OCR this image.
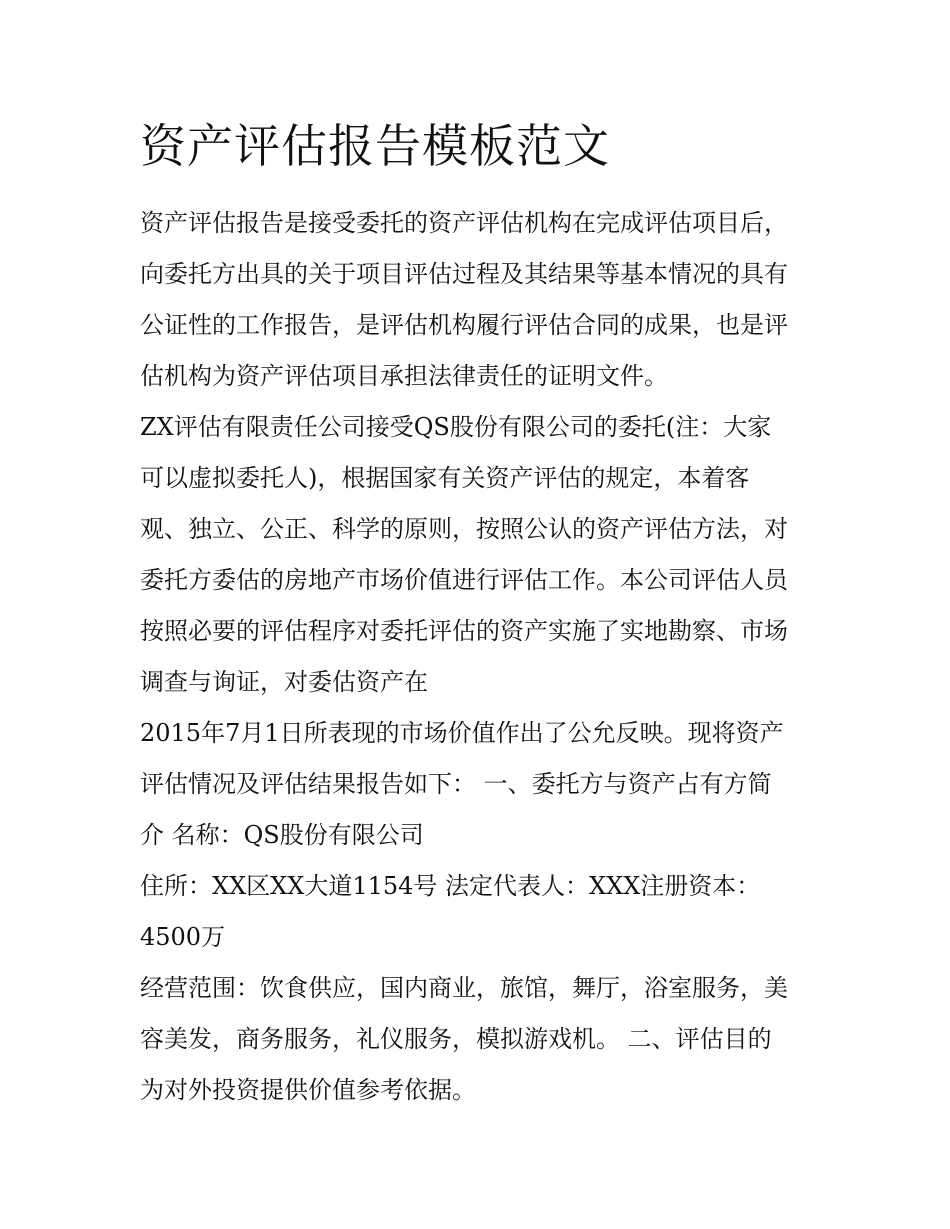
资产评估报告模板范文

资产评估报告是接受委托的资产评估机构在完成评估项目后，

向委托方出具的关于项目评估过程及其结果等基本情况的具有

公证性的工作报告，是评估机构履行评估合同的成果，也是评

估机构为资产评估项目承担法律责任的证明文件。

ZX评估有限责任公司接受QS股份有限公司的委托(注：大家

可以虚拟委托人)，根据国家有关资产评估的规定，本着客

观、独立、公正、科学的原则，按照公认的资产评估方法，对

委托方委估的房地产市场价值进行评估工作。本公司评估人员

按照必要的评估程序对委托评估的资产实施了实地勘察、市场

调查与询证，对委估资产在

2015年7月1日所表现的市场价值作出了公允反映。现将资产

评估情况及评估结果报告如下： 一、委托方与资产占有方简

介 名称：QS股份有限公司

住所：XX区XX大道1154号 法定代表人：XXX注册资本：

4500万

经营范围：饮食供应，国内商业，旅馆，舞厅，浴室服务，美

容美发，商务服务，礼仪服务，模拟游戏机。 二、评估目的

为对外投资提供价值参考依据。
